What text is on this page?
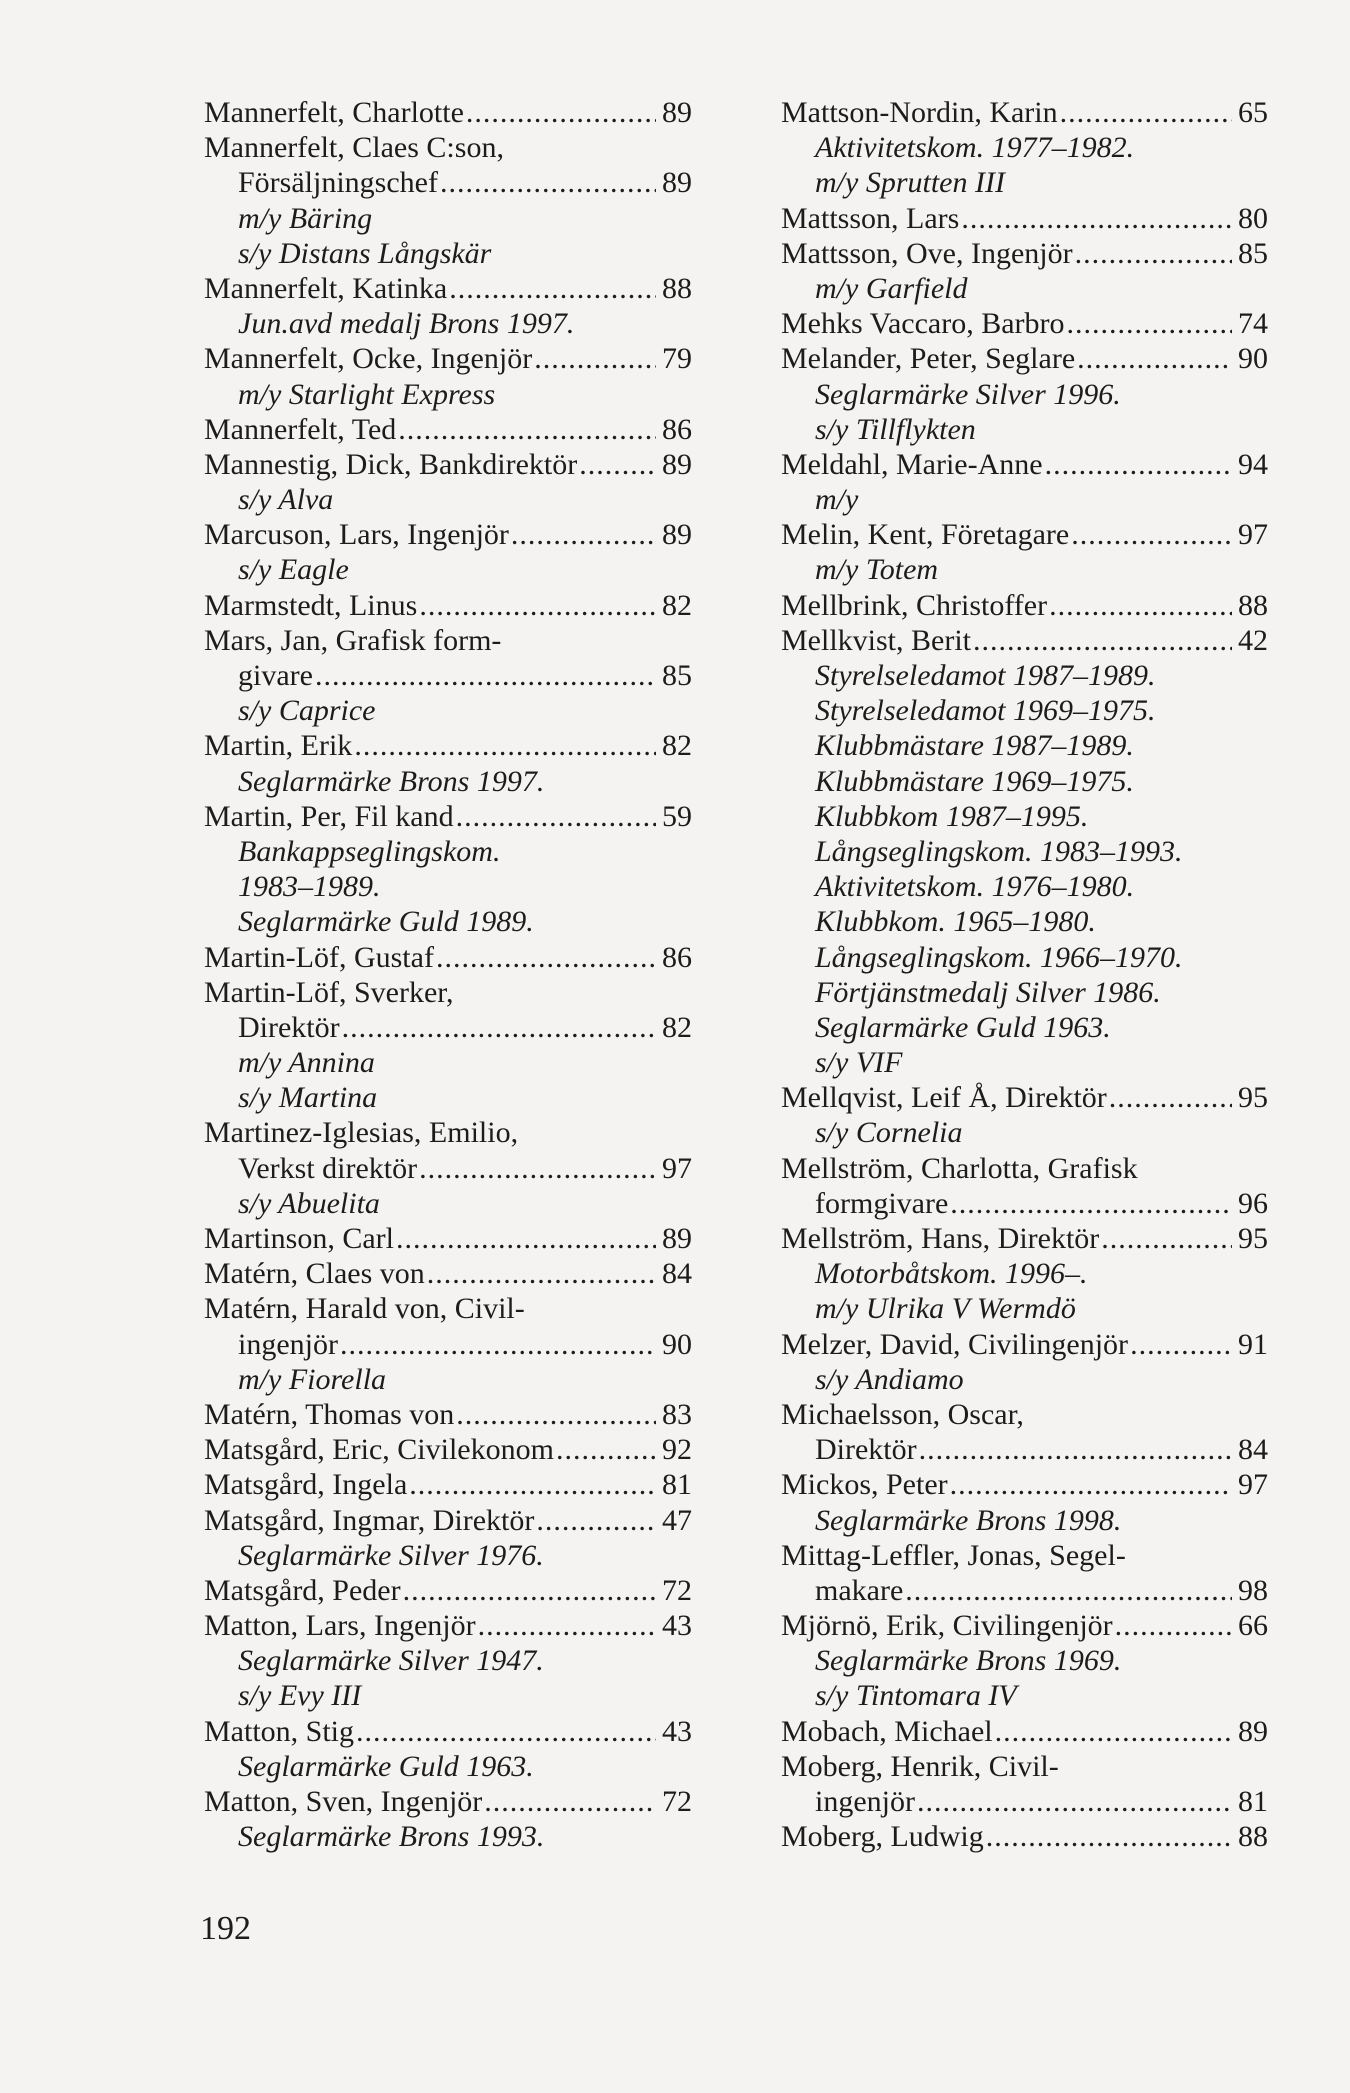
Mannerfelt, Charlotte .....	89
Mannerfelt, Claes C:son,
Försäljningschef .....	89
m/y Bäring
s/y Distans Långskär
Mannerfelt, Katinka .....	88
Jun.avd medalj Brons 1997.
Mannerfelt, Ocke, Ingenjör .....	79
m/y Starlight Express
Mannerfelt, Ted .....	86
Mannestig, Dick, Bankdirektör .....	89
s/y Alva
Marcuson, Lars, Ingenjör .....	89
s/y Eagle
Marmstedt, Linus .....	82
Mars, Jan, Grafisk form-
givare .....	85
s/y Caprice
Martin, Erik .....	82
Seglarmärke Brons 1997.
Martin, Per, Fil kand .....	59
Bankappseglingskom.
1983–1989.
Seglarmärke Guld 1989.
Martin-Löf, Gustaf .....	86
Martin-Löf, Sverker,
Direktör .....	82
m/y Annina
s/y Martina
Martinez-Iglesias, Emilio,
Verkst direktör .....	97
s/y Abuelita
Martinson, Carl .....	89
Matérn, Claes von .....	84
Matérn, Harald von, Civil-
ingenjör .....	90
m/y Fiorella
Matérn, Thomas von .....	83
Matsgård, Eric, Civilekonom .....	92
Matsgård, Ingela .....	81
Matsgård, Ingmar, Direktör .....	47
Seglarmärke Silver 1976.
Matsgård, Peder .....	72
Matton, Lars, Ingenjör .....	43
Seglarmärke Silver 1947.
s/y Evy III
Matton, Stig .....	43
Seglarmärke Guld 1963.
Matton, Sven, Ingenjör .....	72
Seglarmärke Brons 1993.
Mattson-Nordin, Karin .....	65
Aktivitetskom. 1977–1982.
m/y Sprutten III
Mattsson, Lars .....	80
Mattsson, Ove, Ingenjör .....	85
m/y Garfield
Mehks Vaccaro, Barbro .....	74
Melander, Peter, Seglare .....	90
Seglarmärke Silver 1996.
s/y Tillflykten
Meldahl, Marie-Anne .....	94
m/y
Melin, Kent, Företagare .....	97
m/y Totem
Mellbrink, Christoffer .....	88
Mellkvist, Berit .....	42
Styrelseledamot 1987–1989.
Styrelseledamot 1969–1975.
Klubbmästare 1987–1989.
Klubbmästare 1969–1975.
Klubbkom 1987–1995.
Långseglingskom. 1983–1993.
Aktivitetskom. 1976–1980.
Klubbkom. 1965–1980.
Långseglingskom. 1966–1970.
Förtjänstmedalj Silver 1986.
Seglarmärke Guld 1963.
s/y VIF
Mellqvist, Leif Å, Direktör .....	95
s/y Cornelia
Mellström, Charlotta, Grafisk
formgivare .....	96
Mellström, Hans, Direktör .....	95
Motorbåtskom. 1996–.
m/y Ulrika V Wermdö
Melzer, David, Civilingenjör .....	91
s/y Andiamo
Michaelsson, Oscar,
Direktör .....	84
Mickos, Peter .....	97
Seglarmärke Brons 1998.
Mittag-Leffler, Jonas, Segel-
makare .....	98
Mjörnö, Erik, Civilingenjör .....	66
Seglarmärke Brons 1969.
s/y Tintomara IV
Mobach, Michael .....	89
Moberg, Henrik, Civil-
ingenjör .....	81
Moberg, Ludwig .....	88
192
